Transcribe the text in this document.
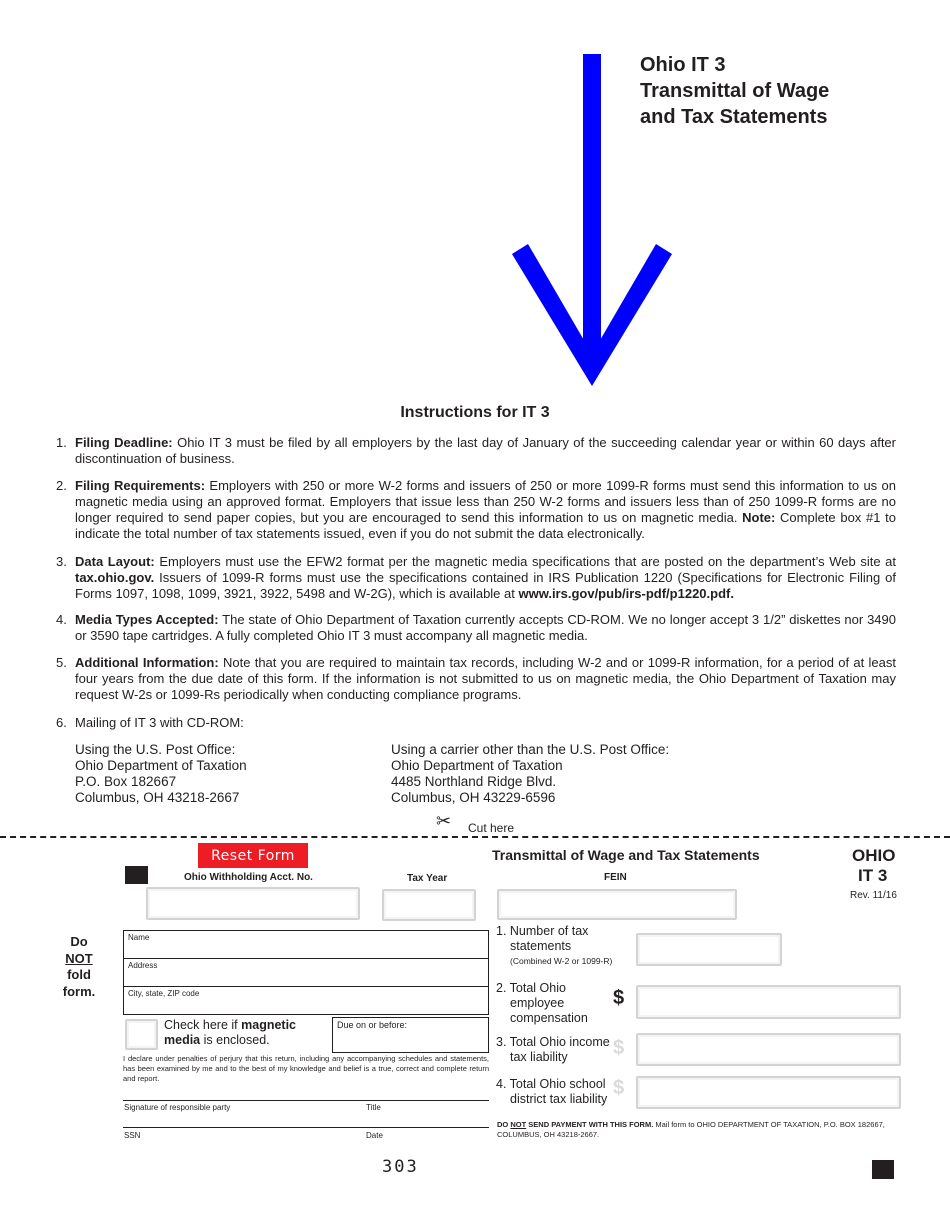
Ohio IT 3
Transmittal of Wage
and Tax Statements
Instructions for IT 3
1. Filing Deadline: Ohio IT 3 must be filed by all employers by the last day of January of the succeeding calendar year or within 60 days after discontinuation of business.
2. Filing Requirements: Employers with 250 or more W-2 forms and issuers of 250 or more 1099-R forms must send this information to us on magnetic media using an approved format. Employers that issue less than 250 W-2 forms and issuers less than of 250 1099-R forms are no longer required to send paper copies, but you are encouraged to send this information to us on magnetic media. Note: Complete box #1 to indicate the total number of tax statements issued, even if you do not submit the data electronically.
3. Data Layout: Employers must use the EFW2 format per the magnetic media specifications that are posted on the department’s Web site at tax.ohio.gov. Issuers of 1099-R forms must use the specifications contained in IRS Publication 1220 (Specifications for Electronic Filing of Forms 1097, 1098, 1099, 3921, 3922, 5498 and W-2G), which is available at www.irs.gov/pub/irs-pdf/p1220.pdf.
4. Media Types Accepted: The state of Ohio Department of Taxation currently accepts CD-ROM. We no longer accept 3 1/2” diskettes nor 3490 or 3590 tape cartridges. A fully completed Ohio IT 3 must accompany all magnetic media.
5. Additional Information: Note that you are required to maintain tax records, including W-2 and or 1099-R information, for a period of at least four years from the due date of this form. If the information is not submitted to us on magnetic media, the Ohio Department of Taxation may request W-2s or 1099-Rs periodically when conducting compliance programs.
6. Mailing of IT 3 with CD-ROM:
Using the U.S. Post Office:
Ohio Department of Taxation
P.O. Box 182667
Columbus, OH 43218-2667
Using a carrier other than the U.S. Post Office:
Ohio Department of Taxation
4485 Northland Ridge Blvd.
Columbus, OH 43229-6596
✂ Cut here
Reset Form
Ohio Withholding Acct. No.	Tax Year
Transmittal of Wage and Tax Statements
FEIN
OHIO
IT 3
Rev. 11/16
Do
NOT
fold
form.
Name
Address
City, state, ZIP code
Check here if magnetic
media is enclosed.
Due on or before:
I declare under penalties of perjury that this return, including any accompanying schedules and statements, has been examined by me and to the best of my knowledge and belief is a true, correct and complete return and report.
Signature of responsible party	Title
SSN	Date
1. Number of tax
statements
(Combined W-2 or 1099-R)
2. Total Ohio
employee
compensation
$
3. Total Ohio income
tax liability	$
4. Total Ohio school
district tax liability $
DO NOT SEND PAYMENT WITH THIS FORM. Mail form to OHIO DEPARTMENT OF TAXATION, P.O. BOX 182667, COLUMBUS, OH 43218-2667.
303
